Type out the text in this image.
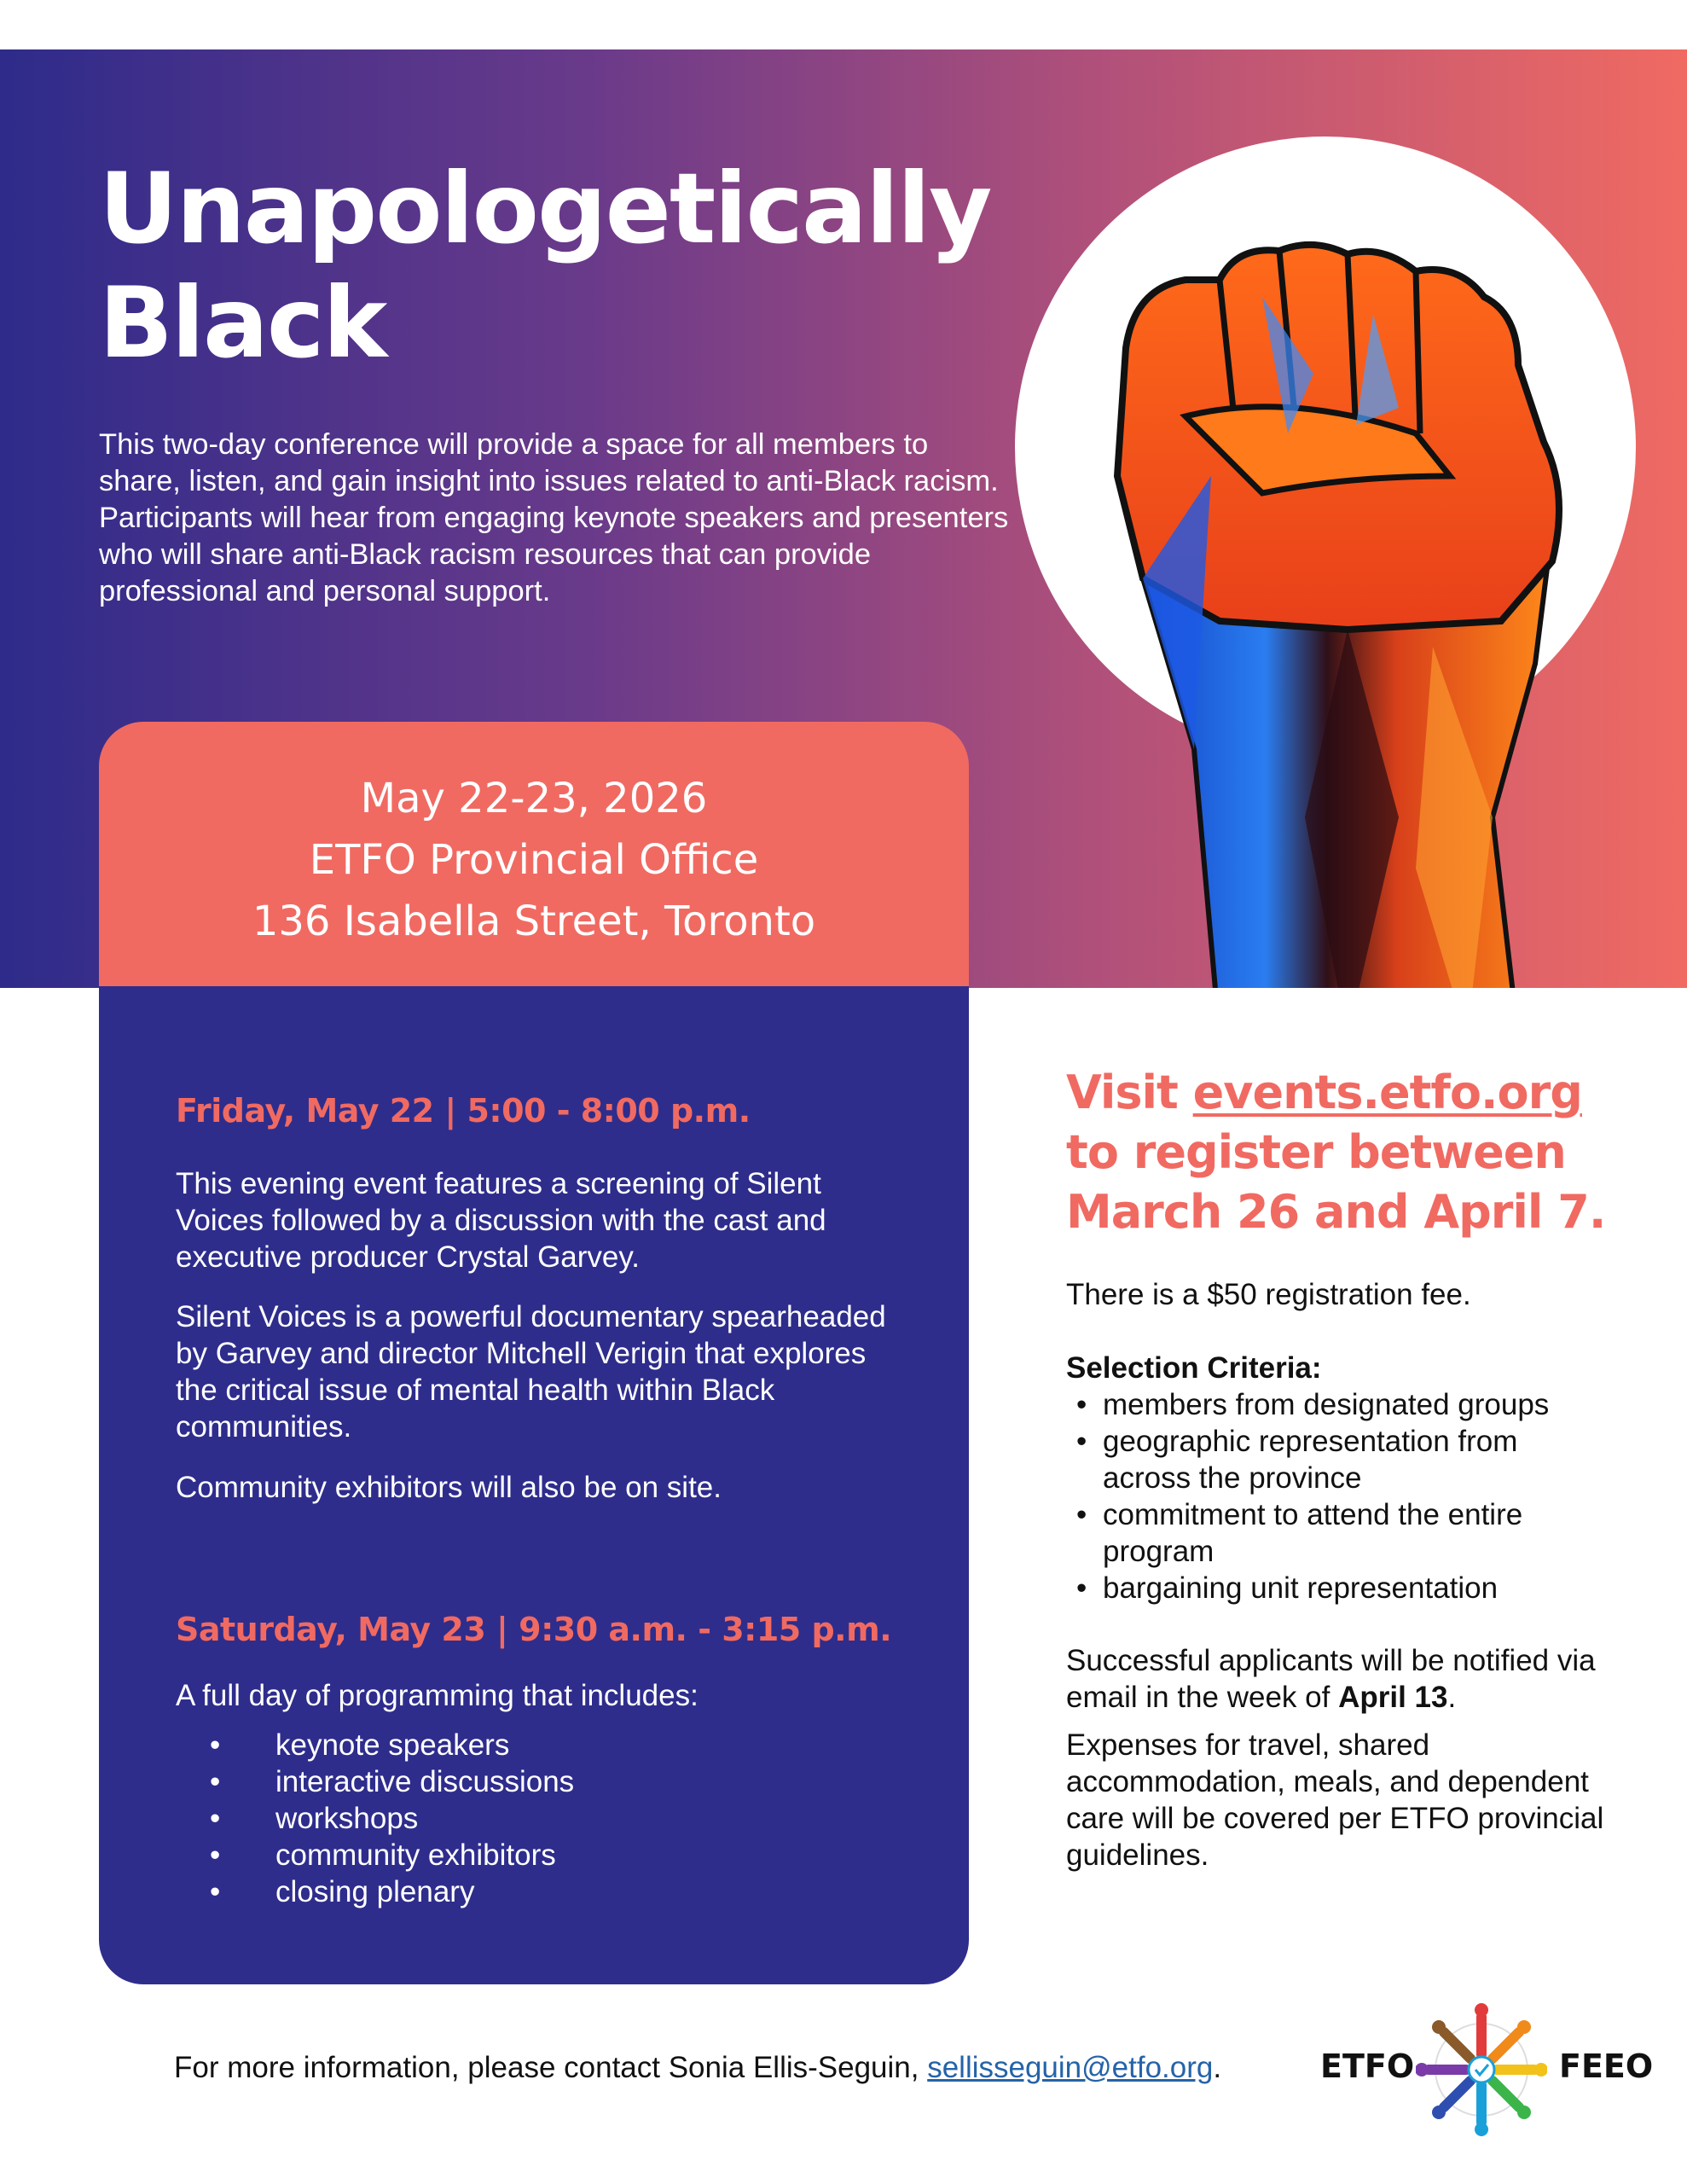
Unapologetically
Black

This two-day conference will provide a space for all members to share, listen, and gain insight into issues related to anti-Black racism. Participants will hear from engaging keynote speakers and presenters who will share anti-Black racism resources that can provide professional and personal support.

May 22-23, 2026
ETFO Provincial Office
136 Isabella Street, Toronto
Friday, May 22 | 5:00 - 8:00 p.m.

This evening event features a screening of Silent Voices followed by a discussion with the cast and executive producer Crystal Garvey.

Silent Voices is a powerful documentary spearheaded by Garvey and director Mitchell Verigin that explores the critical issue of mental health within Black communities.

Community exhibitors will also be on site.

Saturday, May 23 | 9:30 a.m. - 3:15 p.m.

A full day of programming that includes:

• keynote speakers
• interactive discussions
• workshops
• community exhibitors
• closing plenary
Visit events.etfo.org
to register between
March 26 and April 7.

There is a $50 registration fee.

Selection Criteria:

• members from designated groups
• geographic representation from across the province
• commitment to attend the entire program
• bargaining unit representation

Successful applicants will be notified via email in the week of April 13.

Expenses for travel, shared accommodation, meals, and dependent care will be covered per ETFO provincial guidelines.

For more information, please contact Sonia Ellis-Seguin, sellisseguin@etfo.org.	ETFO	FEEO
